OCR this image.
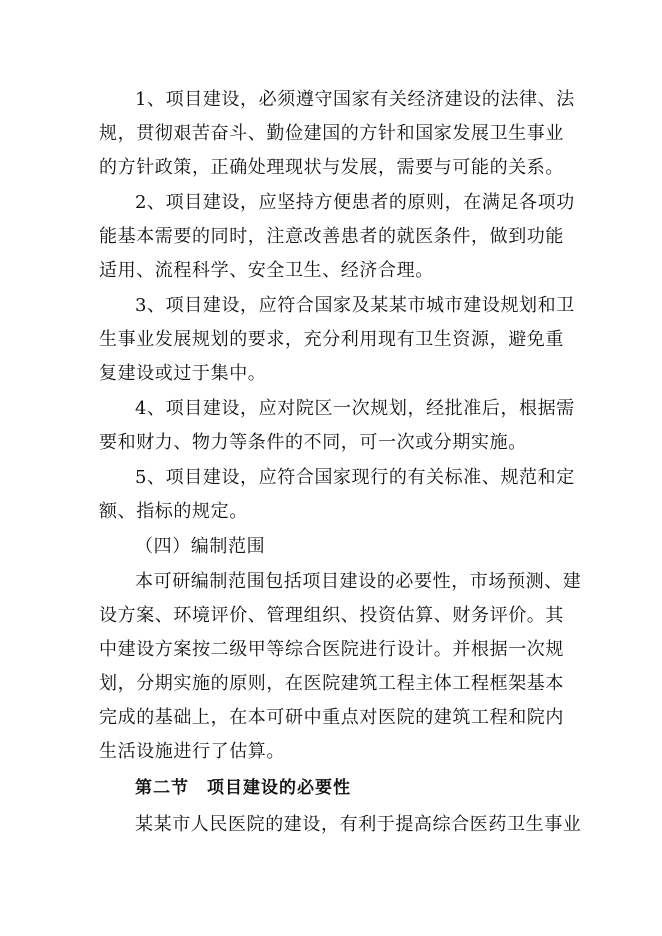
1、项目建设，必须遵守国家有关经济建设的法律、法
规，贯彻艰苦奋斗、勤俭建国的方针和国家发展卫生事业
的方针政策，正确处理现状与发展，需要与可能的关系。
2、项目建设，应坚持方便患者的原则，在满足各项功
能基本需要的同时，注意改善患者的就医条件，做到功能
适用、流程科学、安全卫生、经济合理。
3、项目建设，应符合国家及某某市城市建设规划和卫
生事业发展规划的要求，充分利用现有卫生资源，避免重
复建设或过于集中。
4、项目建设，应对院区一次规划，经批准后，根据需
要和财力、物力等条件的不同，可一次或分期实施。
5、项目建设，应符合国家现行的有关标准、规范和定
额、指标的规定。
（四）编制范围
本可研编制范围包括项目建设的必要性，市场预测、建
设方案、环境评价、管理组织、投资估算、财务评价。其
中建设方案按二级甲等综合医院进行设计。并根据一次规
划，分期实施的原则，在医院建筑工程主体工程框架基本
完成的基础上，在本可研中重点对医院的建筑工程和院内
生活设施进行了估算。
第二节　项目建设的必要性
某某市人民医院的建设，有利于提高综合医药卫生事业
